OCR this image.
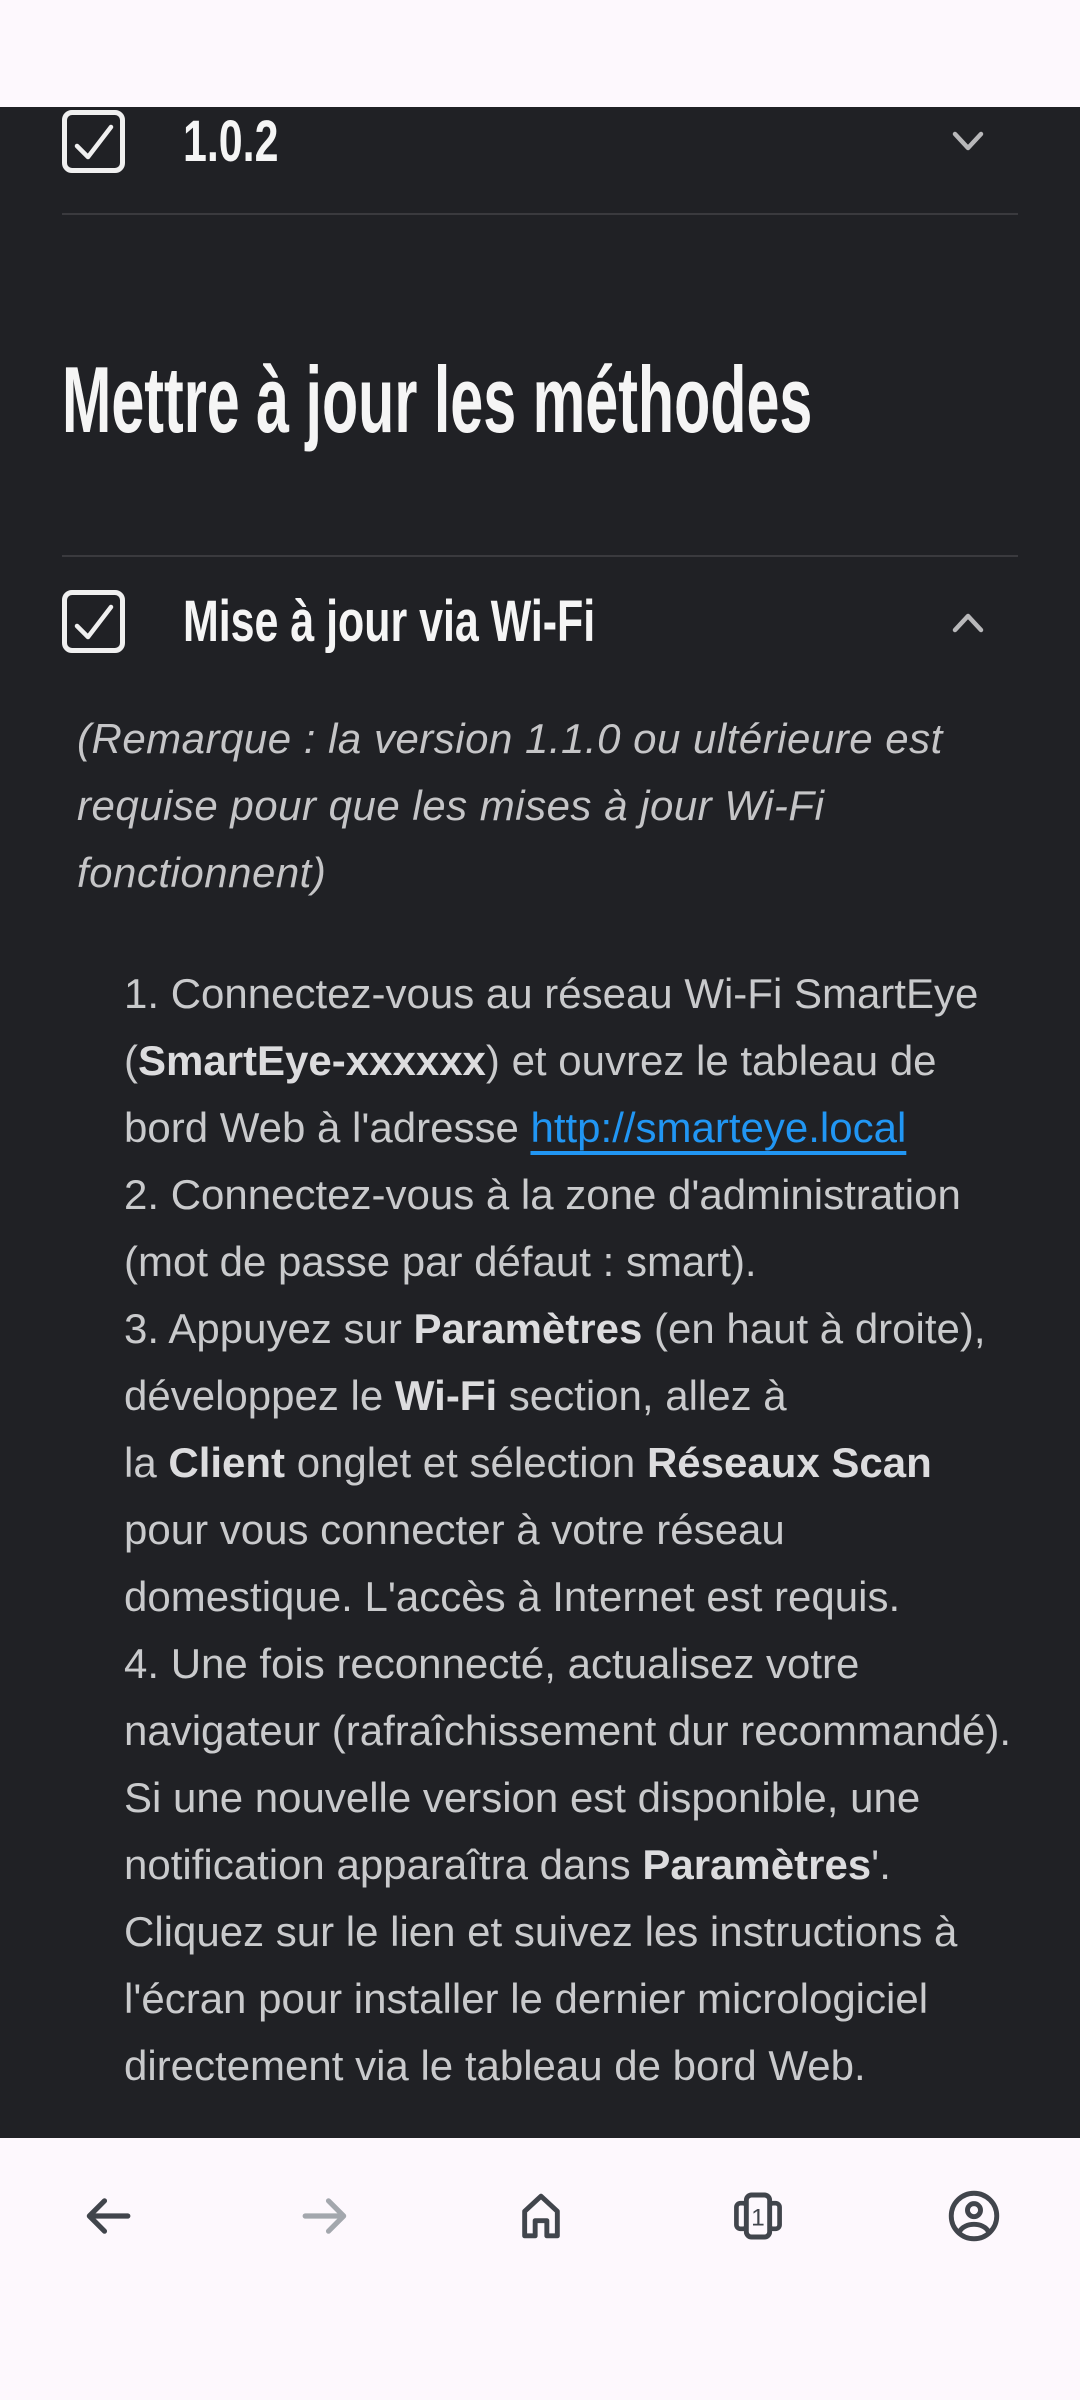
1.0.2
Mettre à jour les méthodes
Mise à jour via Wi-Fi

(Remarque : la version 1.1.0 ou ultérieure est requise pour que les mises à jour Wi-Fi fonctionnent)

1. Connectez-vous au réseau Wi-Fi SmartEye (SmartEye-xxxxxx) et ouvrez le tableau de bord Web à l'adresse http://smarteye.local
2. Connectez-vous à la zone d'administration (mot de passe par défaut : smart).
3. Appuyez sur Paramètres (en haut à droite), développez le Wi-Fi section, allez à
la Client onglet et sélection Réseaux Scan pour vous connecter à votre réseau domestique. L'accès à Internet est requis.
4. Une fois reconnecté, actualisez votre navigateur (rafraîchissement dur recommandé). Si une nouvelle version est disponible, une notification apparaîtra dans Paramètres'. Cliquez sur le lien et suivez les instructions à l'écran pour installer le dernier micrologiciel directement via le tableau de bord Web.
1
